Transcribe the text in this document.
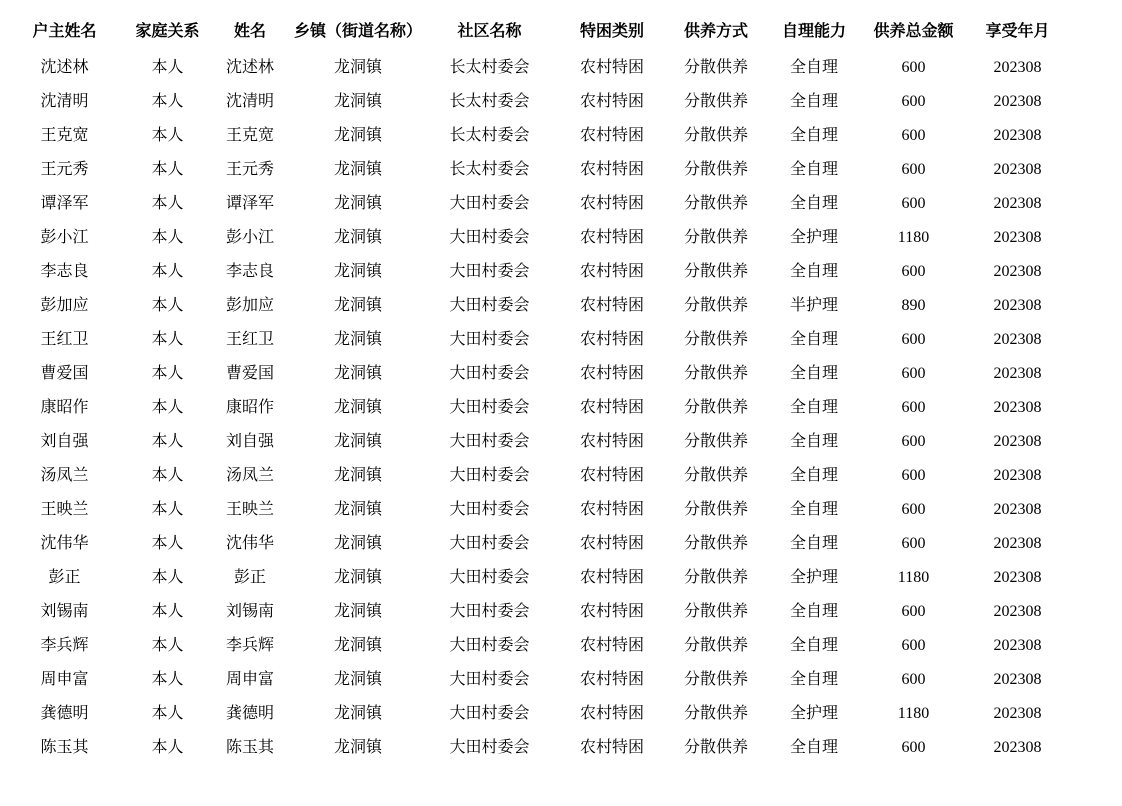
户主姓名	家庭关系	姓名	乡镇（街道名称）	社区名称	特困类别	供养方式	自理能力	供养总金额	享受年月
沈述林	本人	沈述林	龙洞镇	长太村委会	农村特困	分散供养	全自理	600	202308
沈清明	本人	沈清明	龙洞镇	长太村委会	农村特困	分散供养	全自理	600	202308
王克宽	本人	王克宽	龙洞镇	长太村委会	农村特困	分散供养	全自理	600	202308
王元秀	本人	王元秀	龙洞镇	长太村委会	农村特困	分散供养	全自理	600	202308
谭泽军	本人	谭泽军	龙洞镇	大田村委会	农村特困	分散供养	全自理	600	202308
彭小江	本人	彭小江	龙洞镇	大田村委会	农村特困	分散供养	全护理	1180	202308
李志良	本人	李志良	龙洞镇	大田村委会	农村特困	分散供养	全自理	600	202308
彭加应	本人	彭加应	龙洞镇	大田村委会	农村特困	分散供养	半护理	890	202308
王红卫	本人	王红卫	龙洞镇	大田村委会	农村特困	分散供养	全自理	600	202308
曹爱国	本人	曹爱国	龙洞镇	大田村委会	农村特困	分散供养	全自理	600	202308
康昭作	本人	康昭作	龙洞镇	大田村委会	农村特困	分散供养	全自理	600	202308
刘自强	本人	刘自强	龙洞镇	大田村委会	农村特困	分散供养	全自理	600	202308
汤凤兰	本人	汤凤兰	龙洞镇	大田村委会	农村特困	分散供养	全自理	600	202308
王映兰	本人	王映兰	龙洞镇	大田村委会	农村特困	分散供养	全自理	600	202308
沈伟华	本人	沈伟华	龙洞镇	大田村委会	农村特困	分散供养	全自理	600	202308
彭正	本人	彭正	龙洞镇	大田村委会	农村特困	分散供养	全护理	1180	202308
刘锡南	本人	刘锡南	龙洞镇	大田村委会	农村特困	分散供养	全自理	600	202308
李兵辉	本人	李兵辉	龙洞镇	大田村委会	农村特困	分散供养	全自理	600	202308
周申富	本人	周申富	龙洞镇	大田村委会	农村特困	分散供养	全自理	600	202308
龚德明	本人	龚德明	龙洞镇	大田村委会	农村特困	分散供养	全护理	1180	202308
陈玉其	本人	陈玉其	龙洞镇	大田村委会	农村特困	分散供养	全自理	600	202308
